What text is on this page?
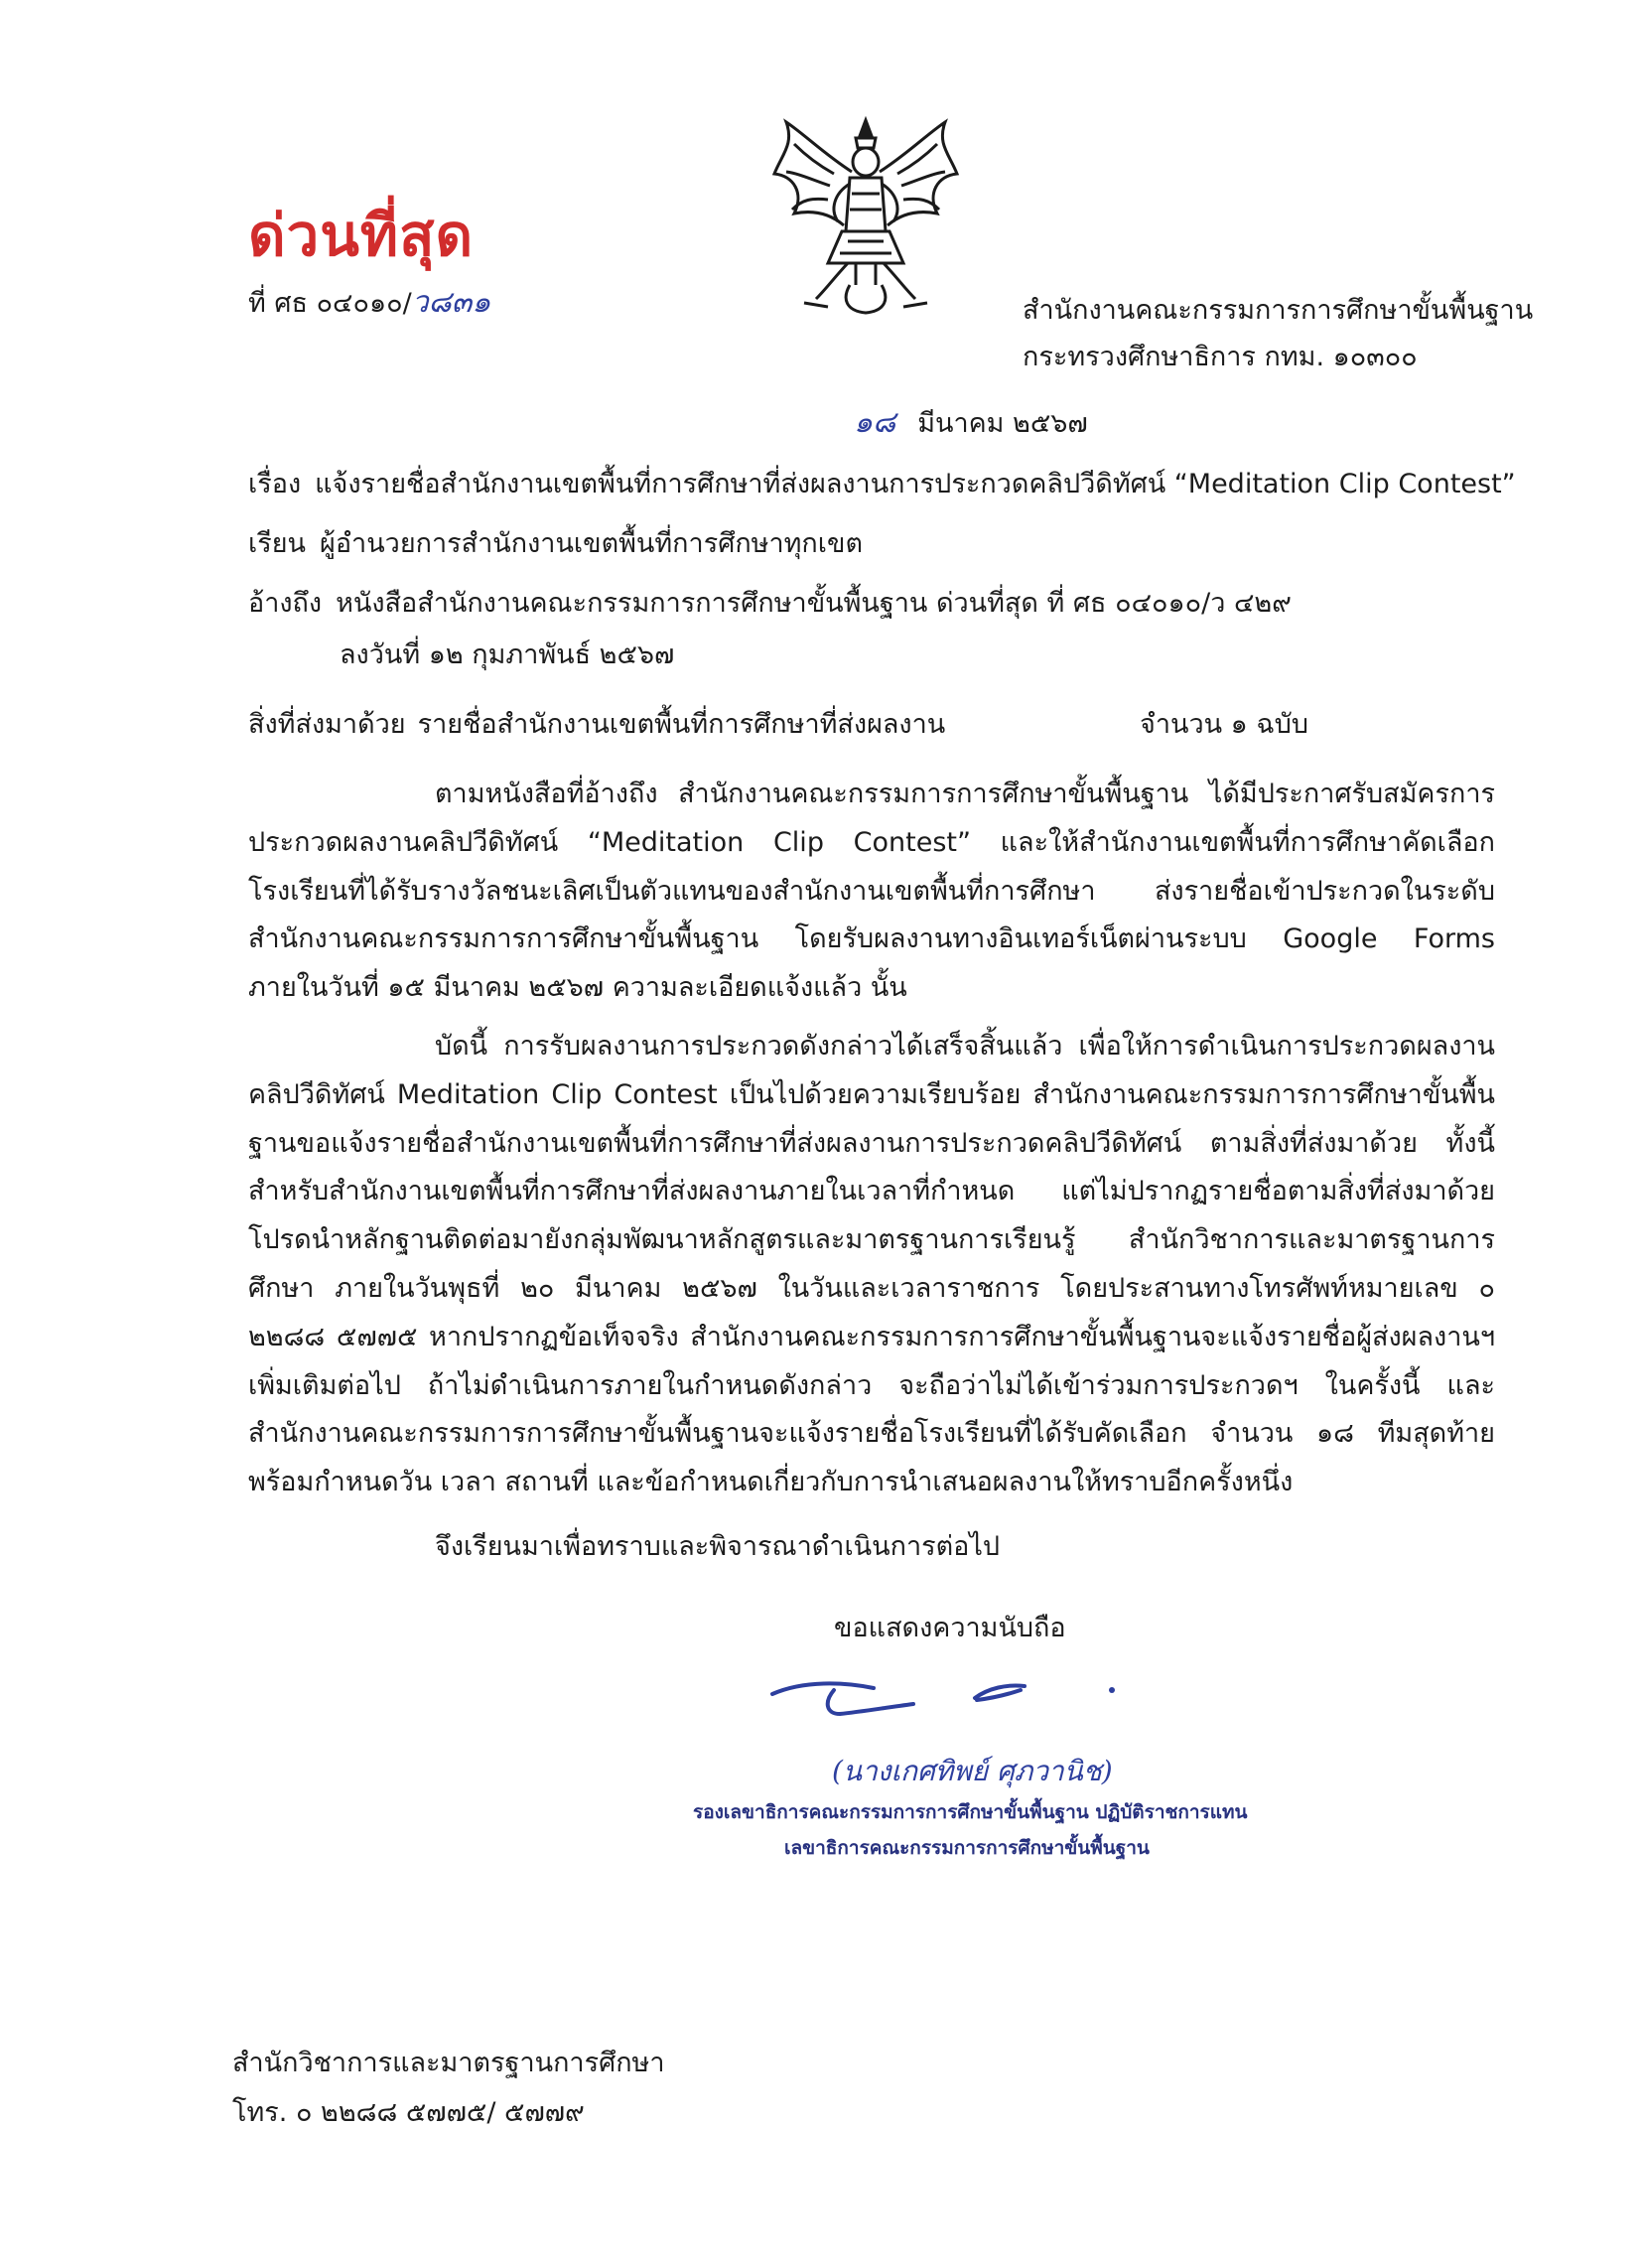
ด่วนที่สุด
ที่ ศธ ๐๔๐๑๐/ว๘๓๑	สำนักงานคณะกรรมการการศึกษาขั้นพื้นฐาน
กระทรวงศึกษาธิการ กทม. ๑๐๓๐๐
๑๘ มีนาคม ๒๕๖๗
เรื่อง แจ้งรายชื่อสำนักงานเขตพื้นที่การศึกษาที่ส่งผลงานการประกวดคลิปวีดิทัศน์ “Meditation Clip Contest”
เรียน ผู้อำนวยการสำนักงานเขตพื้นที่การศึกษาทุกเขต
อ้างถึง หนังสือสำนักงานคณะกรรมการการศึกษาขั้นพื้นฐาน ด่วนที่สุด ที่ ศธ ๐๔๐๑๐/ว ๔๒๙
ลงวันที่ ๑๒ กุมภาพันธ์ ๒๕๖๗
สิ่งที่ส่งมาด้วย รายชื่อสำนักงานเขตพื้นที่การศึกษาที่ส่งผลงาน	จำนวน ๑ ฉบับ
ตามหนังสือที่อ้างถึง สำนักงานคณะกรรมการการศึกษาขั้นพื้นฐาน ได้มีประกาศรับสมัครการประกวดผลงานคลิปวีดิทัศน์ “Meditation Clip Contest” และให้สำนักงานเขตพื้นที่การศึกษาคัดเลือกโรงเรียนที่ได้รับรางวัลชนะเลิศเป็นตัวแทนของสำนักงานเขตพื้นที่การศึกษา ส่งรายชื่อเข้าประกวดในระดับสำนักงานคณะกรรมการการศึกษาขั้นพื้นฐาน โดยรับผลงานทางอินเทอร์เน็ตผ่านระบบ Google Forms ภายในวันที่ ๑๕ มีนาคม ๒๕๖๗ ความละเอียดแจ้งแล้ว นั้น
บัดนี้ การรับผลงานการประกวดดังกล่าวได้เสร็จสิ้นแล้ว เพื่อให้การดำเนินการประกวดผลงานคลิปวีดิทัศน์ Meditation Clip Contest เป็นไปด้วยความเรียบร้อย สำนักงานคณะกรรมการการศึกษาขั้นพื้นฐานขอแจ้งรายชื่อสำนักงานเขตพื้นที่การศึกษาที่ส่งผลงานการประกวดคลิปวีดิทัศน์ ตามสิ่งที่ส่งมาด้วย ทั้งนี้ สำหรับสำนักงานเขตพื้นที่การศึกษาที่ส่งผลงานภายในเวลาที่กำหนด แต่ไม่ปรากฏรายชื่อตามสิ่งที่ส่งมาด้วย โปรดนำหลักฐานติดต่อมายังกลุ่มพัฒนาหลักสูตรและมาตรฐานการเรียนรู้ สำนักวิชาการและมาตรฐานการศึกษา ภายในวันพุธที่ ๒๐ มีนาคม ๒๕๖๗ ในวันและเวลาราชการ โดยประสานทางโทรศัพท์หมายเลข ๐ ๒๒๘๘ ๕๗๗๕ หากปรากฏข้อเท็จจริง สำนักงานคณะกรรมการการศึกษาขั้นพื้นฐานจะแจ้งรายชื่อผู้ส่งผลงานฯ เพิ่มเติมต่อไป ถ้าไม่ดำเนินการภายในกำหนดดังกล่าว จะถือว่าไม่ได้เข้าร่วมการประกวดฯ ในครั้งนี้ และสำนักงานคณะกรรมการการศึกษาขั้นพื้นฐานจะแจ้งรายชื่อโรงเรียนที่ได้รับคัดเลือก จำนวน ๑๘ ทีมสุดท้าย พร้อมกำหนดวัน เวลา สถานที่ และข้อกำหนดเกี่ยวกับการนำเสนอผลงานให้ทราบอีกครั้งหนึ่ง
จึงเรียนมาเพื่อทราบและพิจารณาดำเนินการต่อไป
ขอแสดงความนับถือ
(นางเกศทิพย์ ศุภวานิช)
รองเลขาธิการคณะกรรมการการศึกษาขั้นพื้นฐาน ปฏิบัติราชการแทน
เลขาธิการคณะกรรมการการศึกษาขั้นพื้นฐาน
สำนักวิชาการและมาตรฐานการศึกษา
โทร. ๐ ๒๒๘๘ ๕๗๗๕/ ๕๗๗๙
